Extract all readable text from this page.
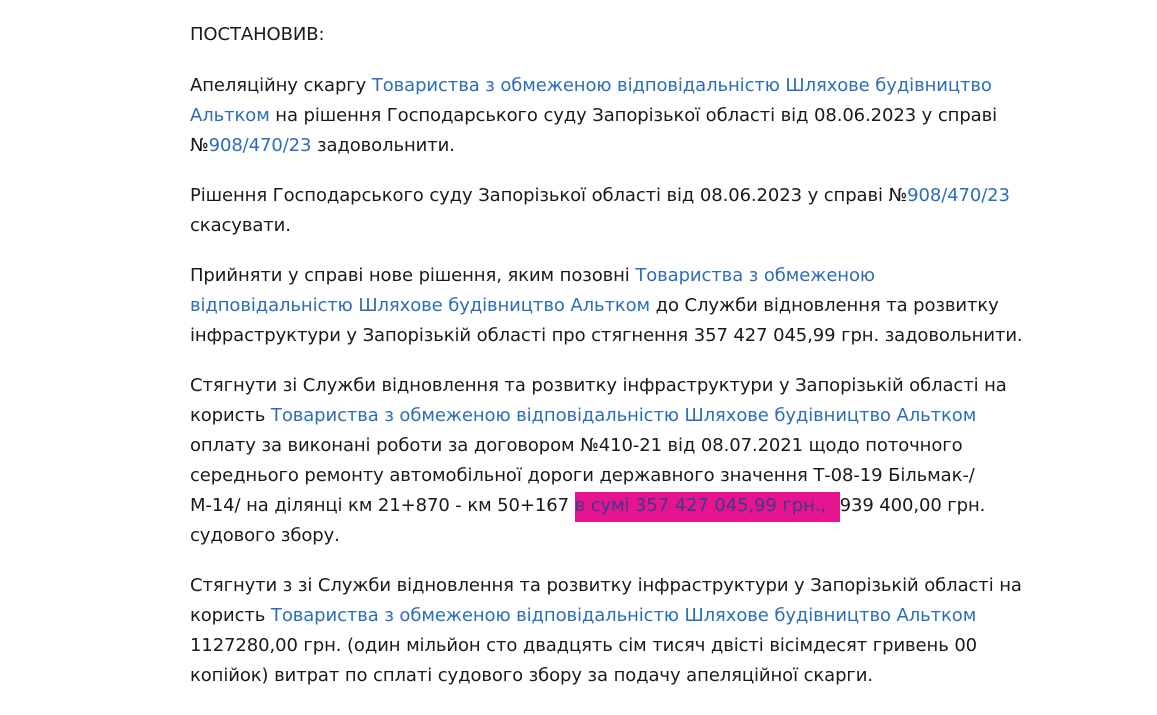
ПОСТАНОВИВ:
Апеляційну скаргу Товариства з обмеженою відповідальністю Шляхове будівництво
Альтком на рішення Господарського суду Запорізької області від 08.06.2023 у справі
№908/470/23 задовольнити.
Рішення Господарського суду Запорізької області від 08.06.2023 у справі №908/470/23
скасувати.
Прийняти у справі нове рішення, яким позовні Товариства з обмеженою
відповідальністю Шляхове будівництво Альтком до Служби відновлення та розвитку
інфраструктури у Запорізькій області про стягнення 357 427 045,99 грн. задовольнити.
Стягнути зі Служби відновлення та розвитку інфраструктури у Запорізькій області на
користь Товариства з обмеженою відповідальністю Шляхове будівництво Альтком
оплату за виконані роботи за договором №410-21 від 08.07.2021 щодо поточного
середнього ремонту автомобільної дороги державного значення Т-08-19 Більмак-/
М-14/ на ділянці км 21+870 - км 50+167 в сумі 357 427 045,99 грн., 939 400,00 грн.
судового збору.
Стягнути з зі Служби відновлення та розвитку інфраструктури у Запорізькій області на
користь Товариства з обмеженою відповідальністю Шляхове будівництво Альтком
1127280,00 грн. (один мільйон сто двадцять сім тисяч двісті вісімдесят гривень 00
копійок) витрат по сплаті судового збору за подачу апеляційної скарги.
